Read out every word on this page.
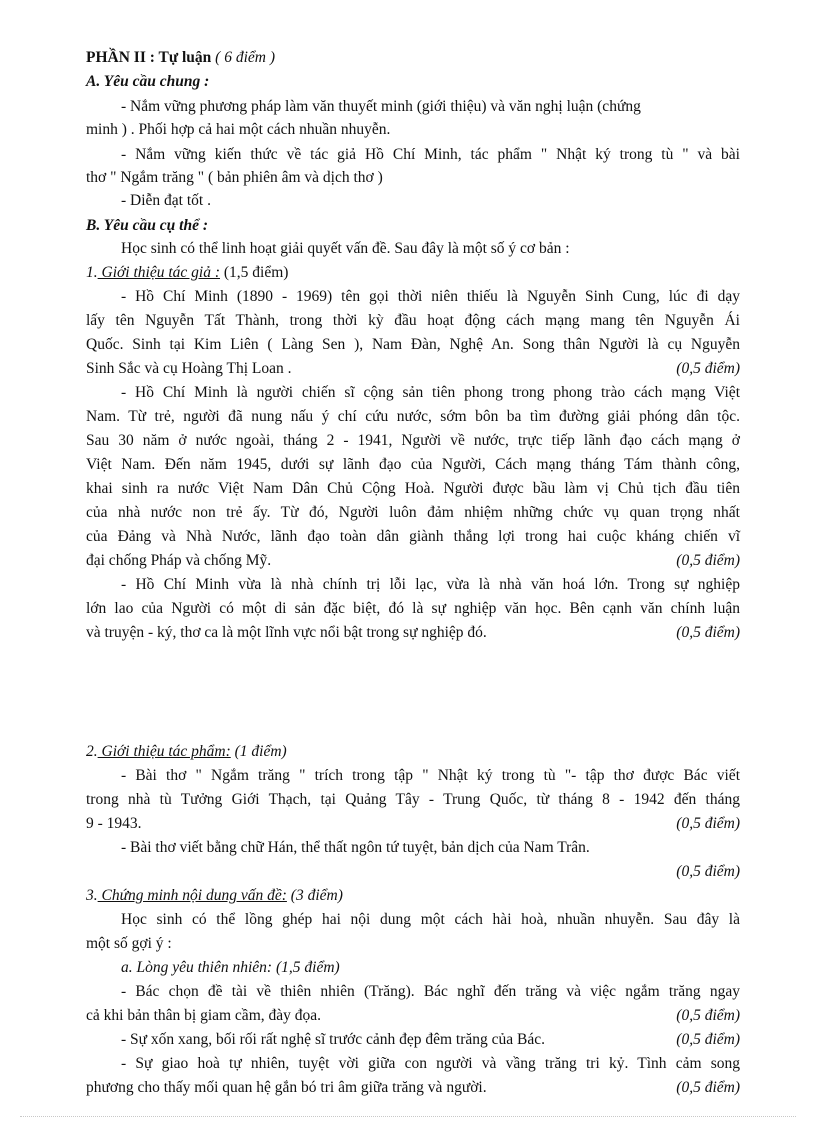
PHẦN II : Tự luận ( 6 điểm )
A. Yêu cầu chung :
- Nắm vững phương pháp làm văn thuyết minh (giới thiệu) và văn nghị luận (chứng
minh ) . Phối hợp cả hai một cách nhuần nhuyễn.
- Nắm vững kiến thức về tác giả Hồ Chí Minh, tác phẩm " Nhật ký trong tù " và bài
thơ " Ngắm trăng " ( bản phiên âm và dịch thơ )
- Diễn đạt tốt .
B. Yêu cầu cụ thể :
Học sinh có thể linh hoạt giải quyết vấn đề. Sau đây là một số ý cơ bản :
1. Giới thiệu tác giả : (1,5 điểm)
- Hồ Chí Minh (1890 - 1969) tên gọi thời niên thiếu là Nguyễn Sinh Cung, lúc đi dạy
lấy tên Nguyễn Tất Thành, trong thời kỳ đầu hoạt động cách mạng mang tên Nguyễn Ái
Quốc. Sinh tại Kim Liên ( Làng Sen ), Nam Đàn, Nghệ An. Song thân Người là cụ Nguyễn
Sinh Sắc và cụ Hoàng Thị Loan .	(0,5 điểm)
- Hồ Chí Minh là người chiến sĩ cộng sản tiên phong trong phong trào cách mạng Việt
Nam. Từ trẻ, người đã nung nấu ý chí cứu nước, sớm bôn ba tìm đường giải phóng dân tộc.
Sau 30 năm ở nước ngoài, tháng 2 - 1941, Người về nước, trực tiếp lãnh đạo cách mạng ở
Việt Nam. Đến năm 1945, dưới sự lãnh đạo của Người, Cách mạng tháng Tám thành công,
khai sinh ra nước Việt Nam Dân Chủ Cộng Hoà. Người được bầu làm vị Chủ tịch đầu tiên
của nhà nước non trẻ ấy. Từ đó, Người luôn đảm nhiệm những chức vụ quan trọng nhất
của Đảng và Nhà Nước, lãnh đạo toàn dân giành thắng lợi trong hai cuộc kháng chiến vĩ
đại chống Pháp và chống Mỹ.	(0,5 điểm)
- Hồ Chí Minh vừa là nhà chính trị lỗi lạc, vừa là nhà văn hoá lớn. Trong sự nghiệp
lớn lao của Người có một di sản đặc biệt, đó là sự nghiệp văn học. Bên cạnh văn chính luận
và truyện - ký, thơ ca là một lĩnh vực nổi bật trong sự nghiệp đó.	(0,5 điểm)
2. Giới thiệu tác phẩm: (1 điểm)
- Bài thơ " Ngắm trăng " trích trong tập " Nhật ký trong tù "- tập thơ được Bác viết
trong nhà tù Tưởng Giới Thạch, tại Quảng Tây - Trung Quốc, từ tháng 8 - 1942 đến tháng
9 - 1943.	(0,5 điểm)
- Bài thơ viết bằng chữ Hán, thể thất ngôn tứ tuyệt, bản dịch của Nam Trân.
(0,5 điểm)
3. Chứng minh nội dung vấn đề: (3 điểm)
Học sinh có thể lồng ghép hai nội dung một cách hài hoà, nhuần nhuyễn. Sau đây là
một số gợi ý :
a. Lòng yêu thiên nhiên: (1,5 điểm)
- Bác chọn đề tài về thiên nhiên (Trăng). Bác nghĩ đến trăng và việc ngắm trăng ngay
cả khi bản thân bị giam cầm, đày đọa.	(0,5 điểm)
- Sự xốn xang, bối rối rất nghệ sĩ trước cảnh đẹp đêm trăng của Bác.	(0,5 điểm)
- Sự giao hoà tự nhiên, tuyệt vời giữa con người và vầng trăng tri kỷ. Tình cảm song
phương cho thấy mối quan hệ gắn bó tri âm giữa trăng và người.	(0,5 điểm)
